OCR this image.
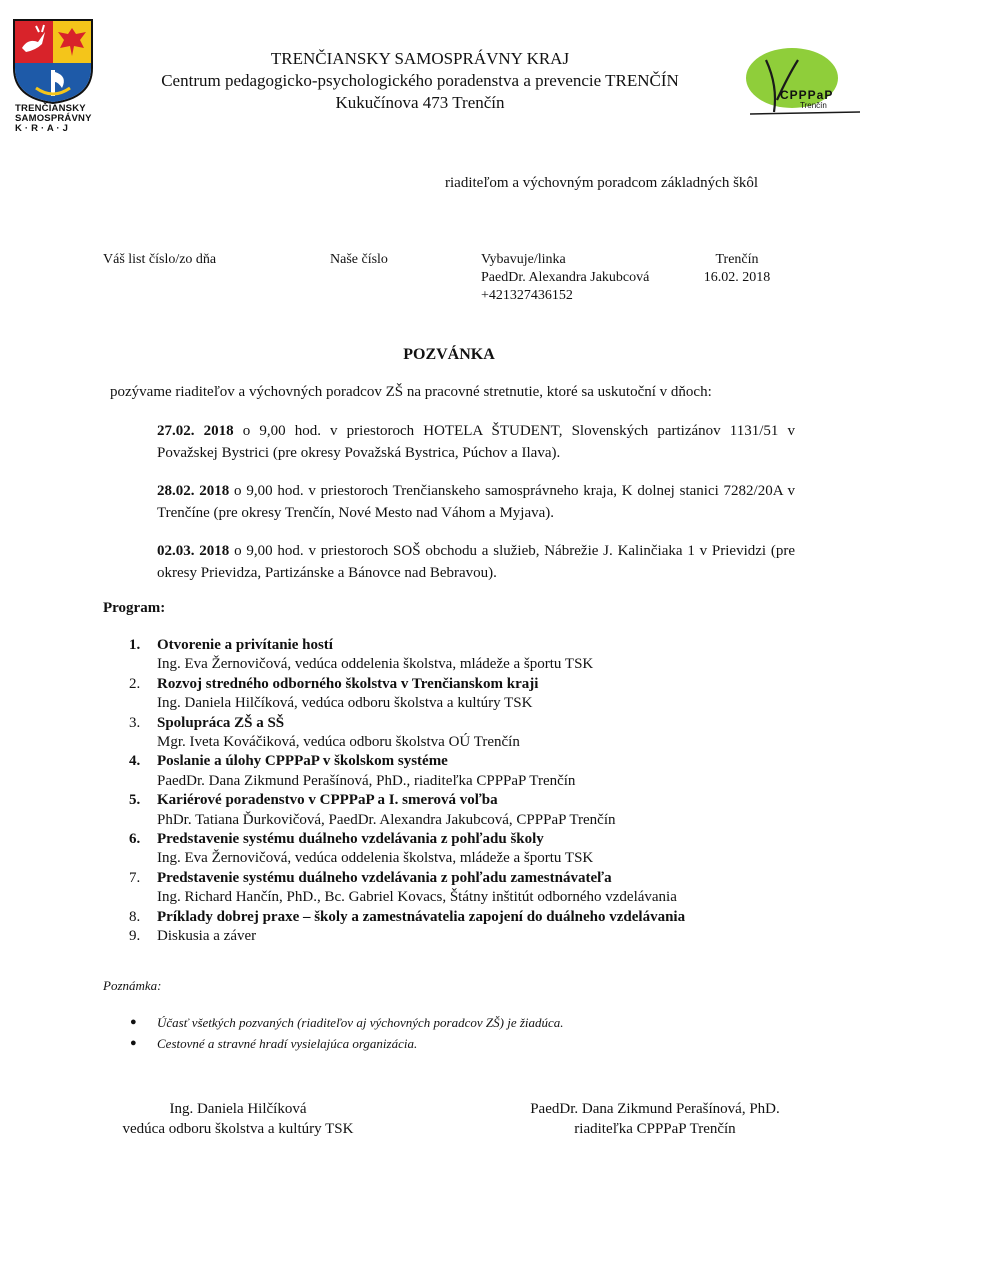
TRENČIANSKY
SAMOSPRÁVNY
K · R · A · J
TRENČIANSKY SAMOSPRÁVNY KRAJ
Centrum pedagogicko-psychologického poradenstva a prevencie TRENČÍN
Kukučínova 473 Trenčín	CPPPaP
Trenčín
riaditeľom a výchovným poradcom základných škôl
Váš list číslo/zo dňa	Naše číslo	Vybavuje/linka
PaedDr. Alexandra Jakubcová
+421327436152
Trenčín
16.02. 2018
POZVÁNKA
pozývame riaditeľov a výchovných poradcov ZŠ na pracovné stretnutie, ktoré sa uskutoční v dňoch:
27.02. 2018 o 9,00 hod. v priestoroch HOTELA ŠTUDENT, Slovenských partizánov 1131/51 v Považskej Bystrici (pre okresy Považská Bystrica, Púchov a Ilava).
28.02. 2018 o 9,00 hod. v priestoroch Trenčianskeho samosprávneho kraja, K dolnej stanici 7282/20A v Trenčíne (pre okresy Trenčín, Nové Mesto nad Váhom a Myjava).
02.03. 2018 o 9,00 hod. v priestoroch SOŠ obchodu a služieb, Nábrežie J. Kalinčiaka 1 v Prievidzi (pre okresy Prievidza, Partizánske a Bánovce nad Bebravou).
Program:
1.	Otvorenie a privítanie hostí
Ing. Eva Žernovičová, vedúca oddelenia školstva, mládeže a športu TSK
2.	Rozvoj stredného odborného školstva v Trenčianskom kraji
Ing. Daniela Hilčíková, vedúca odboru školstva a kultúry TSK
3.	Spolupráca ZŠ a SŠ
Mgr. Iveta Kováčiková, vedúca odboru školstva OÚ Trenčín
4.	Poslanie a úlohy CPPPaP v školskom systéme
PaedDr. Dana Zikmund Perašínová, PhD., riaditeľka CPPPaP Trenčín
5.	Kariérové poradenstvo v CPPPaP a I. smerová voľba
PhDr. Tatiana Ďurkovičová, PaedDr. Alexandra Jakubcová, CPPPaP Trenčín
6.	Predstavenie systému duálneho vzdelávania z pohľadu školy
Ing. Eva Žernovičová, vedúca oddelenia školstva, mládeže a športu TSK
7.	Predstavenie systému duálneho vzdelávania z pohľadu zamestnávateľa
Ing. Richard Hančín, PhD., Bc. Gabriel Kovacs, Štátny inštitút odborného vzdelávania
8.	Príklady dobrej praxe – školy a zamestnávatelia zapojení do duálneho vzdelávania
9.	Diskusia a záver
Poznámka:
●	Účasť všetkých pozvaných (riaditeľov aj výchovných poradcov ZŠ) je žiadúca.
●	Cestovné a stravné hradí vysielajúca organizácia.
Ing. Daniela Hilčíková
vedúca odboru školstva a kultúry TSK
PaedDr. Dana Zikmund Perašínová, PhD.
riaditeľka CPPPaP Trenčín
